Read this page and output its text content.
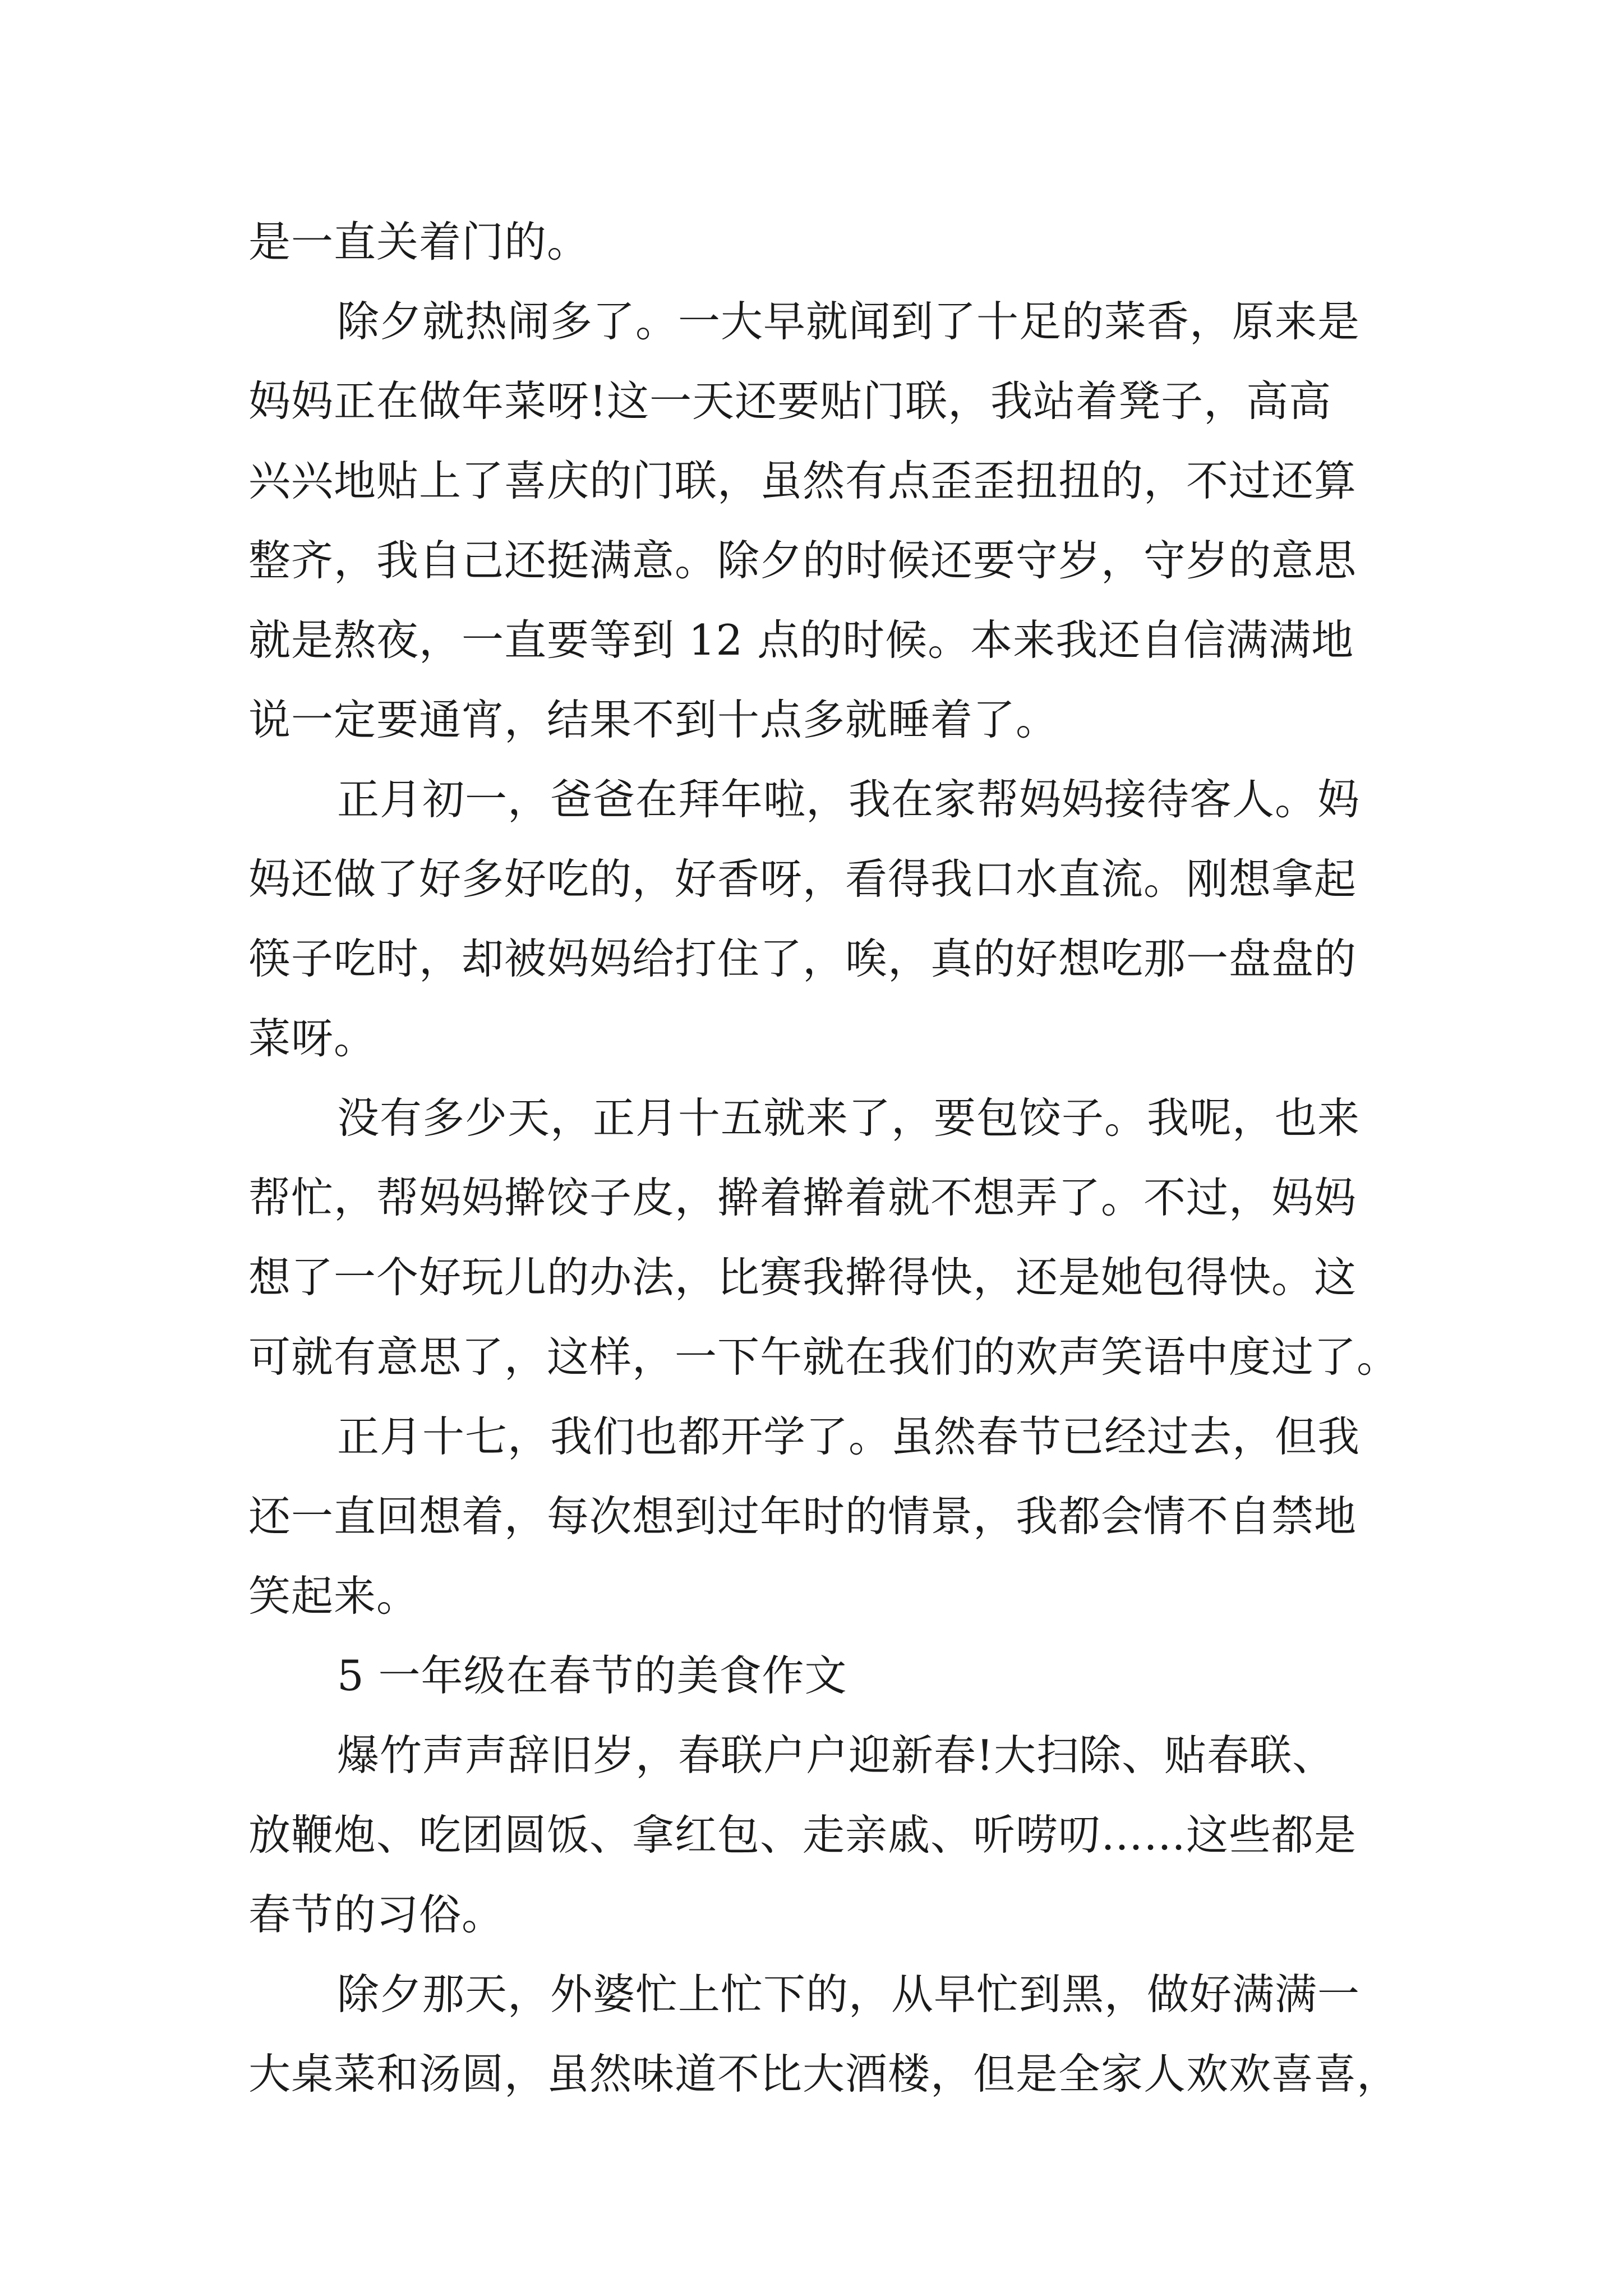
是一直关着门的。
除夕就热闹多了。一大早就闻到了十足的菜香，原来是
妈妈正在做年菜呀!这一天还要贴门联，我站着凳子，高高
兴兴地贴上了喜庆的门联，虽然有点歪歪扭扭的，不过还算
整齐，我自己还挺满意。除夕的时候还要守岁，守岁的意思
就是熬夜，一直要等到 12 点的时候。本来我还自信满满地
说一定要通宵，结果不到十点多就睡着了。
正月初一，爸爸在拜年啦，我在家帮妈妈接待客人。妈
妈还做了好多好吃的，好香呀，看得我口水直流。刚想拿起
筷子吃时，却被妈妈给打住了，唉，真的好想吃那一盘盘的
菜呀。
没有多少天，正月十五就来了，要包饺子。我呢，也来
帮忙，帮妈妈擀饺子皮，擀着擀着就不想弄了。不过，妈妈
想了一个好玩儿的办法，比赛我擀得快，还是她包得快。这
可就有意思了，这样，一下午就在我们的欢声笑语中度过了。
正月十七，我们也都开学了。虽然春节已经过去，但我
还一直回想着，每次想到过年时的情景，我都会情不自禁地
笑起来。
5 一年级在春节的美食作文
爆竹声声辞旧岁，春联户户迎新春!大扫除、贴春联、
放鞭炮、吃团圆饭、拿红包、走亲戚、听唠叨……这些都是
春节的习俗。
除夕那天，外婆忙上忙下的，从早忙到黑，做好满满一
大桌菜和汤圆，虽然味道不比大酒楼，但是全家人欢欢喜喜，
